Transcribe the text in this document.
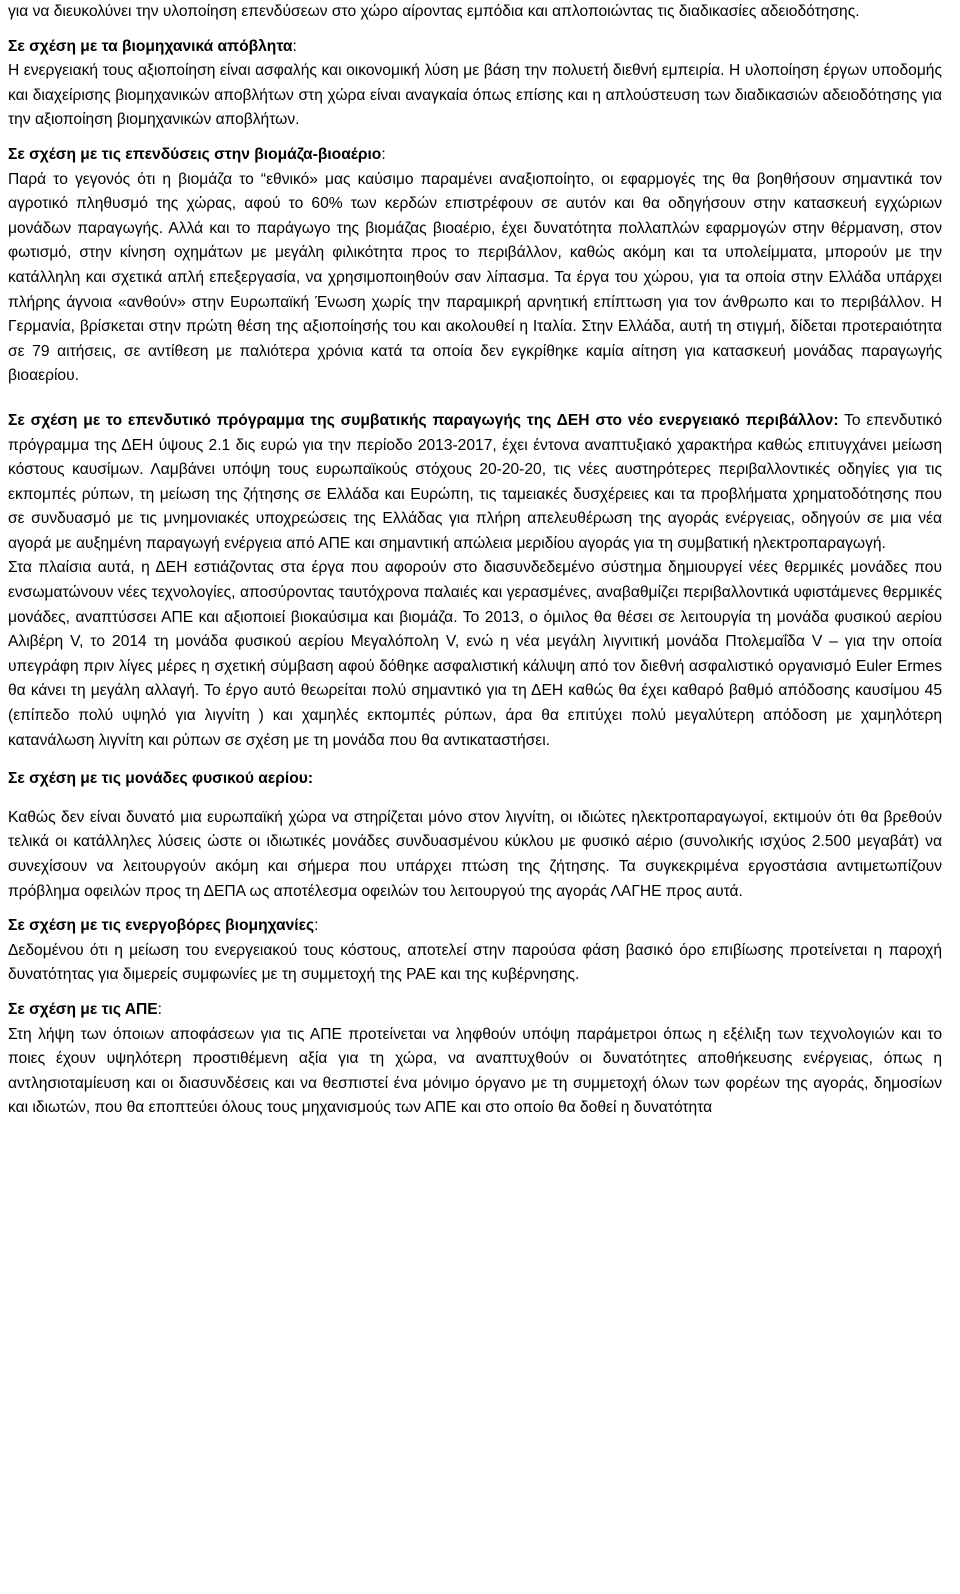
για να διευκολύνει την υλοποίηση επενδύσεων στο χώρο αίροντας εμπόδια και απλοποιώντας τις διαδικασίες αδειοδότησης.

Σε σχέση με τα βιομηχανικά απόβλητα:

Η ενεργειακή τους αξιοποίηση είναι ασφαλής και οικονομική λύση με βάση την πολυετή διεθνή εμπειρία. Η υλοποίηση έργων υποδομής και διαχείρισης βιομηχανικών αποβλήτων στη χώρα είναι αναγκαία όπως επίσης και η απλούστευση των διαδικασιών αδειοδότησης για την αξιοποίηση βιομηχανικών αποβλήτων.

Σε σχέση με τις επενδύσεις στην βιομάζα-βιοαέριο:

Παρά το γεγονός ότι η βιομάζα το “εθνικό» μας καύσιμο παραμένει αναξιοποίητο, οι εφαρμογές της θα βοηθήσουν σημαντικά τον αγροτικό πληθυσμό της χώρας, αφού το 60% των κερδών επιστρέφουν σε αυτόν και θα οδηγήσουν στην κατασκευή εγχώριων μονάδων παραγωγής. Αλλά και το παράγωγο της βιομάζας βιοαέριο, έχει δυνατότητα πολλαπλών εφαρμογών στην θέρμανση, στον φωτισμό, στην κίνηση οχημάτων με μεγάλη φιλικότητα προς το περιβάλλον, καθώς ακόμη και τα υπολείμματα, μπορούν με την κατάλληλη και σχετικά απλή επεξεργασία, να χρησιμοποιηθούν σαν λίπασμα. Τα έργα του χώρου, για τα οποία στην Ελλάδα υπάρχει πλήρης άγνοια «ανθούν» στην Ευρωπαϊκή Ένωση χωρίς την παραμικρή αρνητική επίπτωση για τον άνθρωπο και το περιβάλλον. Η Γερμανία, βρίσκεται στην πρώτη θέση της αξιοποίησής του και ακολουθεί η Ιταλία. Στην Ελλάδα, αυτή τη στιγμή, δίδεται προτεραιότητα σε 79 αιτήσεις, σε αντίθεση με παλιότερα χρόνια κατά τα οποία δεν εγκρίθηκε καμία αίτηση για κατασκευή μονάδας παραγωγής βιοαερίου.

Σε σχέση με το επενδυτικό πρόγραμμα της συμβατικής παραγωγής της ΔΕΗ στο νέο ενεργειακό περιβάλλον: Το επενδυτικό πρόγραμμα της ΔΕΗ ύψους 2.1 δις ευρώ για την περίοδο 2013-2017, έχει έντονα αναπτυξιακό χαρακτήρα καθώς επιτυγχάνει μείωση κόστους καυσίμων. Λαμβάνει υπόψη τους ευρωπαϊκούς στόχους 20-20-20, τις νέες αυστηρότερες περιβαλλοντικές οδηγίες για τις εκπομπές ρύπων, τη μείωση της ζήτησης σε Ελλάδα και Ευρώπη, τις ταμειακές δυσχέρειες και τα προβλήματα χρηματοδότησης που σε συνδυασμό με τις μνημονιακές υποχρεώσεις της Ελλάδας για πλήρη απελευθέρωση της αγοράς ενέργειας, οδηγούν σε μια νέα αγορά με αυξημένη παραγωγή ενέργεια από ΑΠΕ και σημαντική απώλεια μεριδίου αγοράς για τη συμβατική ηλεκτροπαραγωγή.

Στα πλαίσια αυτά, η ΔΕΗ εστιάζοντας στα έργα που αφορούν στο διασυνδεδεμένο σύστημα δημιουργεί νέες θερμικές μονάδες που ενσωματώνουν νέες τεχνολογίες, αποσύροντας ταυτόχρονα παλαιές και γερασμένες, αναβαθμίζει περιβαλλοντικά υφιστάμενες θερμικές μονάδες, αναπτύσσει ΑΠΕ και αξιοποιεί βιοκαύσιμα και βιομάζα. Το 2013, ο όμιλος θα θέσει σε λειτουργία τη μονάδα φυσικού αερίου Αλιβέρη V, το 2014 τη μονάδα φυσικού αερίου Μεγαλόπολη V, ενώ η νέα μεγάλη λιγνιτική μονάδα Πτολεμαΐδα V – για την οποία υπεγράφη πριν λίγες μέρες η σχετική σύμβαση αφού δόθηκε ασφαλιστική κάλυψη από τον διεθνή ασφαλιστικό οργανισμό Euler Ermes θα κάνει τη μεγάλη αλλαγή. Το έργο αυτό θεωρείται πολύ σημαντικό για τη ΔΕΗ καθώς θα έχει καθαρό βαθμό απόδοσης καυσίμου 45 (επίπεδο πολύ υψηλό για λιγνίτη ) και χαμηλές εκπομπές ρύπων, άρα θα επιτύχει πολύ μεγαλύτερη απόδοση με χαμηλότερη κατανάλωση λιγνίτη και ρύπων σε σχέση με τη μονάδα που θα αντικαταστήσει.

Σε σχέση με τις μονάδες φυσικού αερίου:

Καθώς δεν είναι δυνατό μια ευρωπαϊκή χώρα να στηρίζεται μόνο στον λιγνίτη, οι ιδιώτες ηλεκτροπαραγωγοί, εκτιμούν ότι θα βρεθούν τελικά οι κατάλληλες λύσεις ώστε οι ιδιωτικές μονάδες συνδυασμένου κύκλου με φυσικό αέριο (συνολικής ισχύος 2.500 μεγαβάτ) να συνεχίσουν να λειτουργούν ακόμη και σήμερα που υπάρχει πτώση της ζήτησης. Τα συγκεκριμένα εργοστάσια αντιμετωπίζουν πρόβλημα οφειλών προς τη ΔΕΠΑ ως αποτέλεσμα οφειλών του λειτουργού της αγοράς ΛΑΓΗΕ προς αυτά.

Σε σχέση με τις ενεργοβόρες βιομηχανίες:

Δεδομένου ότι η μείωση του ενεργειακού τους κόστους, αποτελεί στην παρούσα φάση βασικό όρο επιβίωσης προτείνεται η παροχή δυνατότητας για διμερείς συμφωνίες με τη συμμετοχή της ΡΑΕ και της κυβέρνησης.

Σε σχέση με τις ΑΠΕ:

Στη λήψη των όποιων αποφάσεων για τις ΑΠΕ προτείνεται να ληφθούν υπόψη παράμετροι όπως η εξέλιξη των τεχνολογιών και το ποιες έχουν υψηλότερη προστιθέμενη αξία για τη χώρα, να αναπτυχθούν οι δυνατότητες αποθήκευσης ενέργειας, όπως η αντλησιοταμίευση και οι διασυνδέσεις και να θεσπιστεί ένα μόνιμο όργανο με τη συμμετοχή όλων των φορέων της αγοράς, δημοσίων και ιδιωτών, που θα εποπτεύει όλους τους μηχανισμούς των ΑΠΕ και στο οποίο θα δοθεί η δυνατότητα
